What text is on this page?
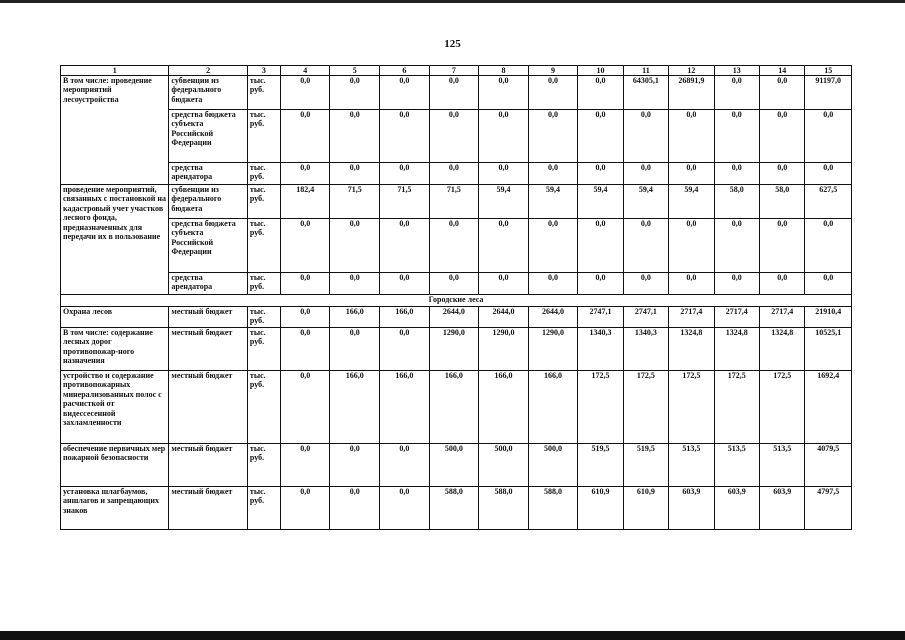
125
1	2	3	4	5	6	7	8	9	10	11	12	13	14	15
В том числе: проведение мероприятий лесоустройства	субвенции из федерального бюджета	тыс. руб.	0,0	0,0	0,0	0,0	0,0	0,0	0,0	64305,1	26891,9	0,0	0,0	91197,0
	средства бюджета субъекта Российской Федерации	тыс. руб.	0,0	0,0	0,0	0,0	0,0	0,0	0,0	0,0	0,0	0,0	0,0	0,0
	средства арендатора	тыс. руб.	0,0	0,0	0,0	0,0	0,0	0,0	0,0	0,0	0,0	0,0	0,0	0,0
проведение мероприятий, связанных с постановкой на кадастровый учет участков лесного фонда, предназначенных для передачи их в пользование	субвенции из федерального бюджета	тыс. руб.	182,4	71,5	71,5	71,5	59,4	59,4	59,4	59,4	59,4	58,0	58,0	627,5
	средства бюджета субъекта Российской Федерации	тыс. руб.	0,0	0,0	0,0	0,0	0,0	0,0	0,0	0,0	0,0	0,0	0,0	0,0
	средства арендатора	тыс. руб.	0,0	0,0	0,0	0,0	0,0	0,0	0,0	0,0	0,0	0,0	0,0	0,0
Городские леса														
Охрана лесов	местный бюджет	тыс. руб.	0,0	166,0	166,0	2644,0	2644,0	2644,0	2747,1	2747,1	2717,4	2717,4	2717,4	21910,4
В том числе: содержание лесных дорог противопожар-ного назначения	местный бюджет	тыс. руб.	0,0	0,0	0,0	1290,0	1290,0	1290,0	1340,3	1340,3	1324,8	1324,8	1324,8	10525,1
устройство и содержание противопожарных минерализованных полос с расчисткой от видессесенной захламленности	местный бюджет	тыс. руб.	0,0	166,0	166,0	166,0	166,0	166,0	172,5	172,5	172,5	172,5	172,5	1692,4
обеспечение первичных мер пожарной безопасности	местный бюджет	тыс. руб.	0,0	0,0	0,0	500,0	500,0	500,0	519,5	519,5	513,5	513,5	513,5	4079,5
установка шлагбаумов, аншлагов и запрещающих знаков	местный бюджет	тыс. руб.	0,0	0,0	0,0	588,0	588,0	588,0	610,9	610,9	603,9	603,9	603,9	4797,5
